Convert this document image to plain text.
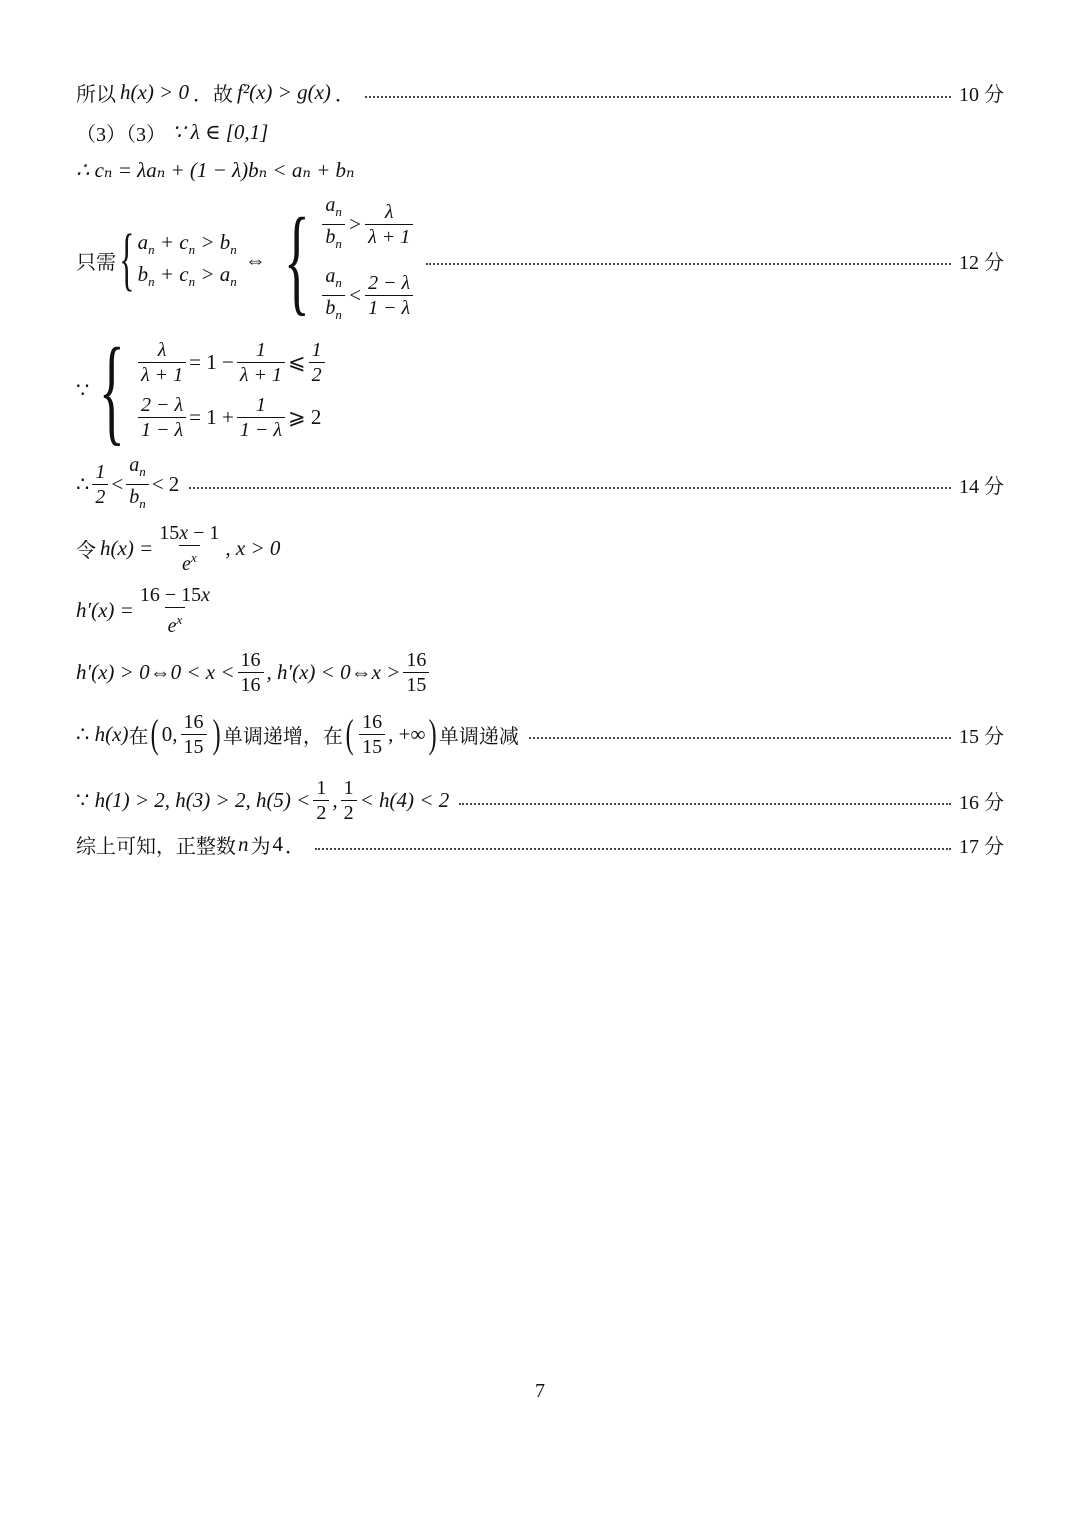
所以 h(x) > 0 ．故 f²(x) > g(x) ．	10 分
（3）（3） ∵ λ ∈ [0,1]
∴ cₙ = λaₙ + (1 − λ)bₙ < aₙ + bₙ
只需 { $a_n + c_n > b_n$
$b_n + c_n > a_n$
⇔ { $\frac{a_n}{b_n} > \frac{\lambda}{\lambda + 1}$
$\frac{a_n}{b_n} < \frac{2 - \lambda}{1 - \lambda}$
12 分
∵ { $\frac{\lambda}{\lambda + 1} = 1 - \frac{1}{\lambda + 1}$ ⩽ $\frac{1}{2}$
$\frac{2 - \lambda}{1 - \lambda} = 1 + \frac{1}{1 - \lambda}$ ⩾ 2
∴ $\frac{1}{2} < \frac{a_n}{b_n} < 2$	14 分
令 $h(x) = \frac{15x - 1}{e^x}$ , x > 0
$h'(x) = \frac{16 - 15x}{e^x}$
h′(x) > 0 ⇔ $0 < x < \frac{16}{16}$ , h′(x) < 0 ⇔ $x > \frac{16}{15}$
∴ h(x) 在 ( 0, $\frac{16}{15}$ ) 单调递增，在 ( $\frac{16}{15}$ , +∞ ) 单调递减	15 分
∵ h(1) > 2, h(3) > 2, $h(5) < \frac{1}{2}$ , $\frac{1}{2} < h(4) < 2$	16 分
综上可知，正整数 n 为 4 ．	17 分
7
